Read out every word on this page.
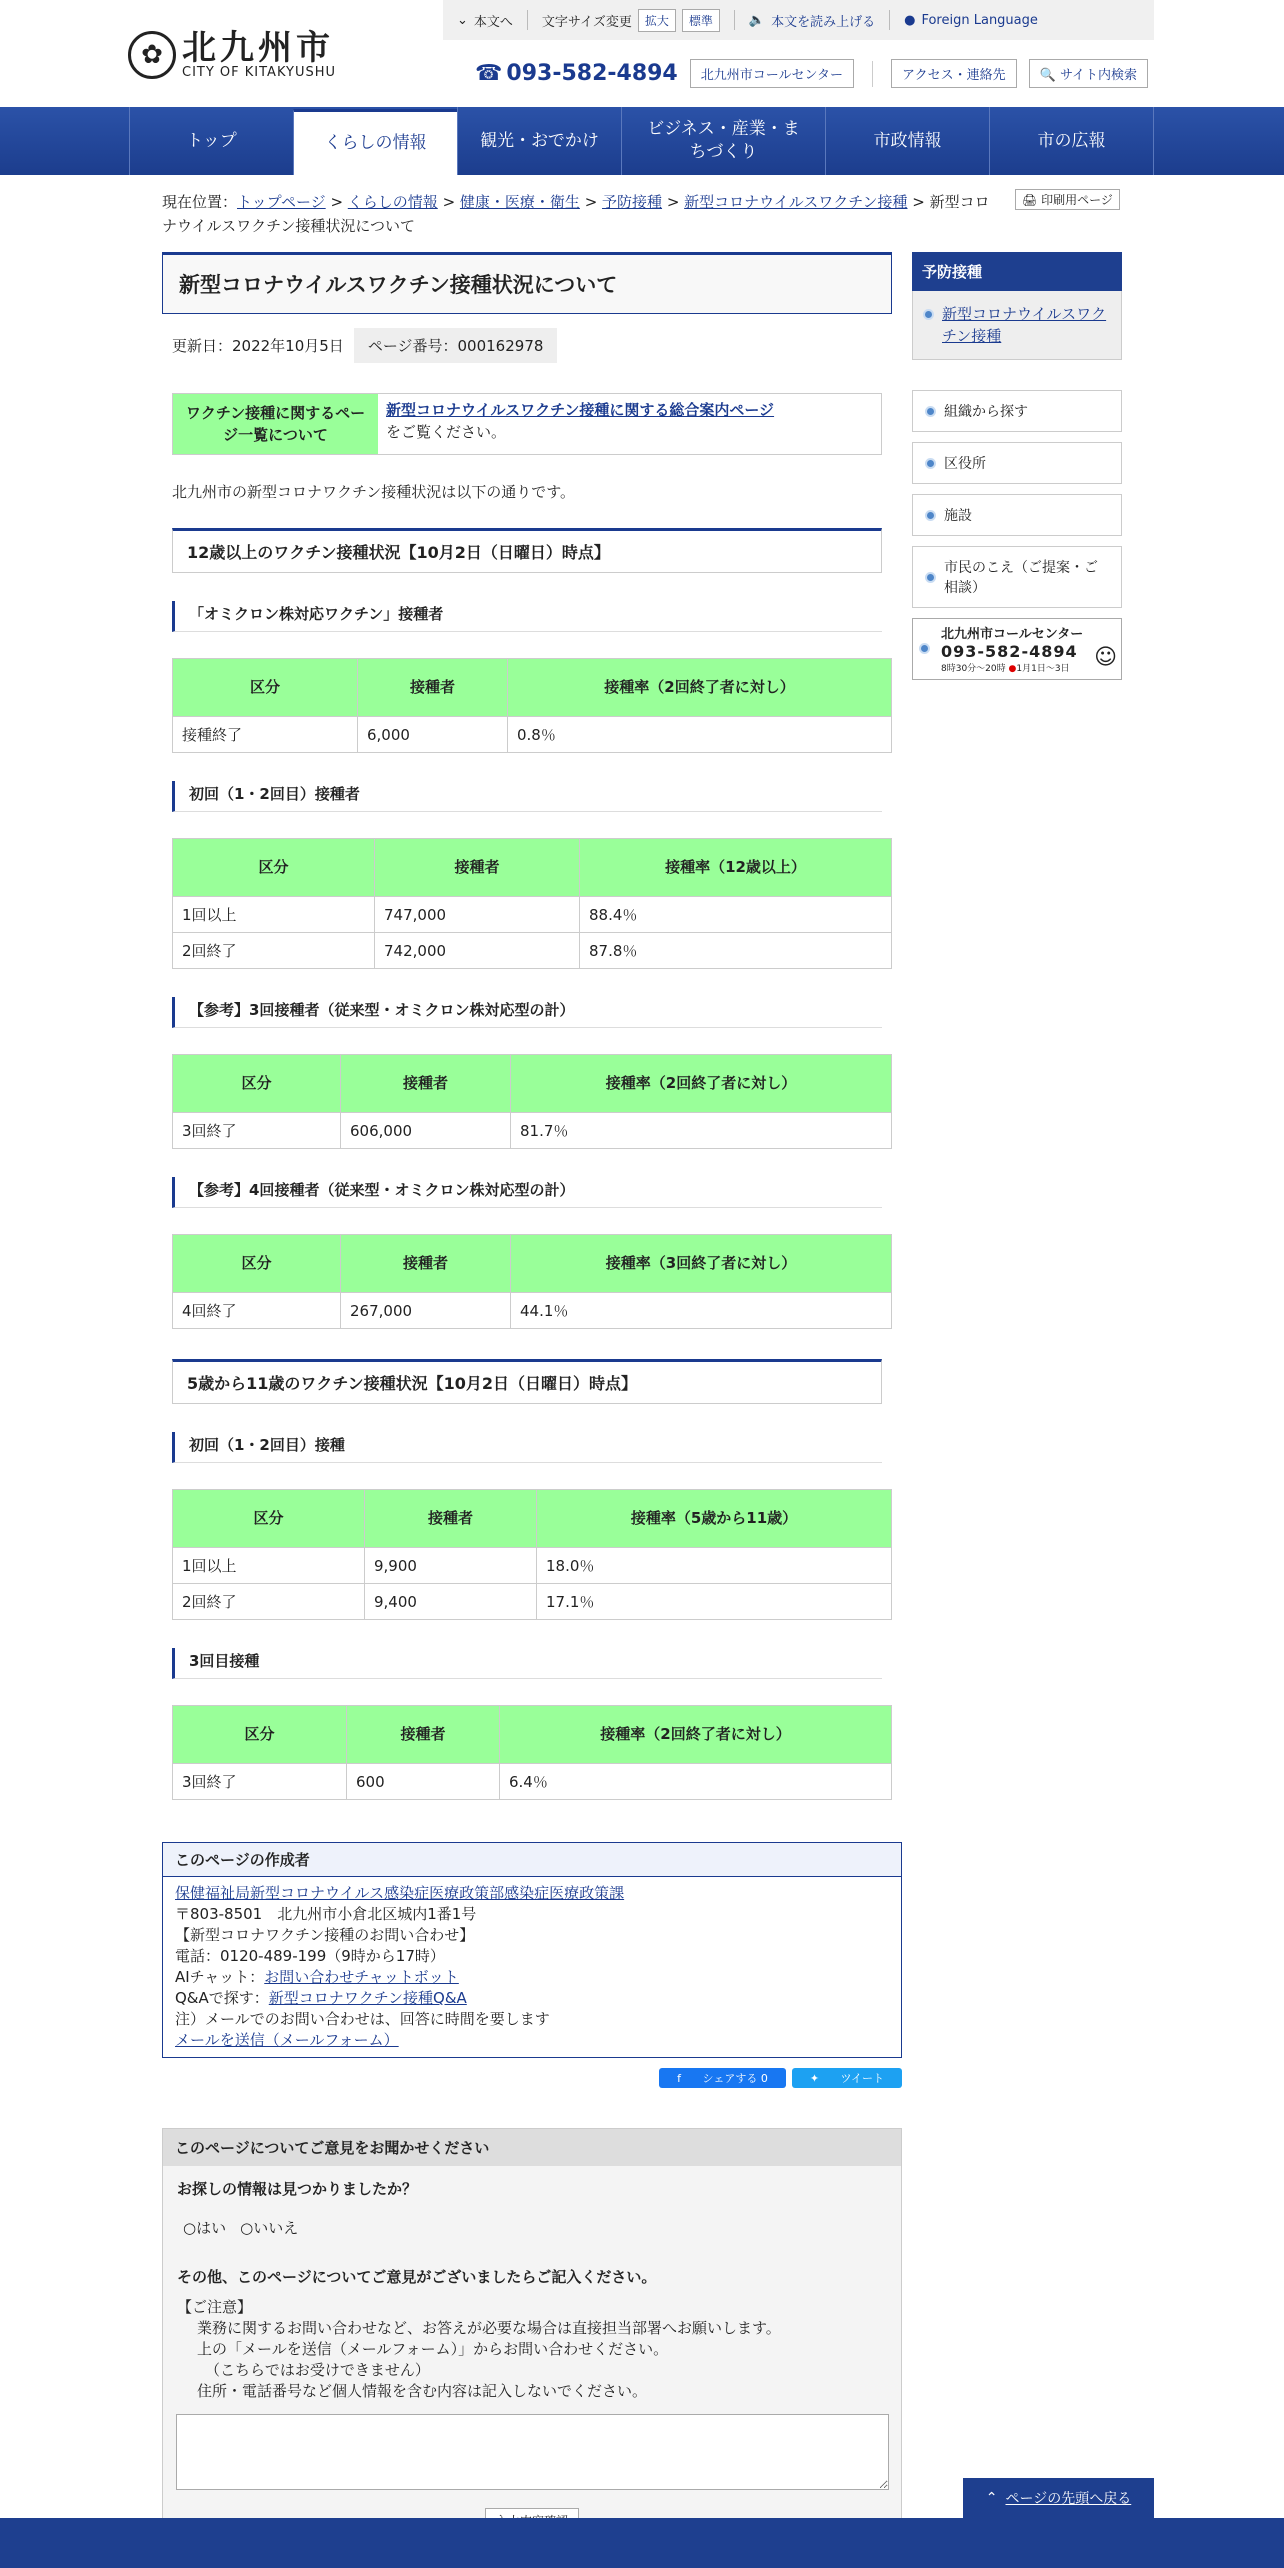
✿ 北九州市
CITY OF KITAKYUSHU
⌄ 本文へ 文字サイズ変更	拡大	標準	🔈 本文を読み上げる ● Foreign Language
☎ 093-582-4894	北九州市コールセンター	アクセス・連絡先	🔍 サイト内検索
トップ	くらしの情報	観光・おでかけ
ビジネス・産業・まちづくり
市政情報	市の広報
現在位置：トップページ > くらしの情報 > 健康・医療・衛生 > 予防接種 > 新型コロナウイルスワクチン接種 > 新型コロナウイルスワクチン接種状況について
🖨 印刷用ページ
新型コロナウイルスワクチン接種状況について
更新日：2022年10月5日	ページ番号：000162978
ワクチン接種に関するページ一覧について
新型コロナウイルスワクチン接種に関する総合案内ページ
をご覧ください。

北九州市の新型コロナワクチン接種状況は以下の通りです。

12歳以上のワクチン接種状況【10月2日（日曜日）時点】
「オミクロン株対応ワクチン」接種者
区分	接種者	接種率（2回終了者に対し）
接種終了	6,000	0.8％
初回（1・2回目）接種者
区分	接種者	接種率（12歳以上）
1回以上	747,000	88.4％
2回終了	742,000	87.8％
【参考】3回接種者（従来型・オミクロン株対応型の計）
区分	接種者	接種率（2回終了者に対し）
3回終了	606,000	81.7％
【参考】4回接種者（従来型・オミクロン株対応型の計）
区分	接種者	接種率（3回終了者に対し）
4回終了	267,000	44.1％
5歳から11歳のワクチン接種状況【10月2日（日曜日）時点】
初回（1・2回目）接種
区分	接種者	接種率（5歳から11歳）
1回以上	9,900	18.0％
2回終了	9,400	17.1％
3回目接種
区分	接種者	接種率（2回終了者に対し）
3回終了	600	6.4％
このページの作成者
保健福祉局新型コロナウイルス感染症医療政策部感染症医療政策課
〒803-8501　北九州市小倉北区城内1番1号
【新型コロナワクチン接種のお問い合わせ】
電話：0120-489-199（9時から17時）
AIチャット：お問い合わせチャットボット
Q&Aで探す：新型コロナワクチン接種Q&A
注）メールでのお問い合わせは、回答に時間を要します
メールを送信（メールフォーム）
f シェアする 0	✦ ツイート
このページについてご意見をお聞かせください
お探しの情報は見つかりましたか？
○はい ○いいえ
その他、このページについてご意見がございましたらご記入ください。
【ご注意】
業務に関するお問い合わせなど、お答えが必要な場合は直接担当部署へお願いします。
上の「メールを送信（メールフォーム）」からお問い合わせください。
（こちらではお受けできません）
住所・電話番号など個人情報を含む内容は記入しないでください。
予防接種
新型コロナウイルスワクチン接種
組織から探す
区役所
施設
市民のこえ（ご提案・ご相談）
北九州市コールセンター
093-582-4894
8時30分～20時 ●1月1日～3日	☺
⌃ ページの先頭へ戻る
